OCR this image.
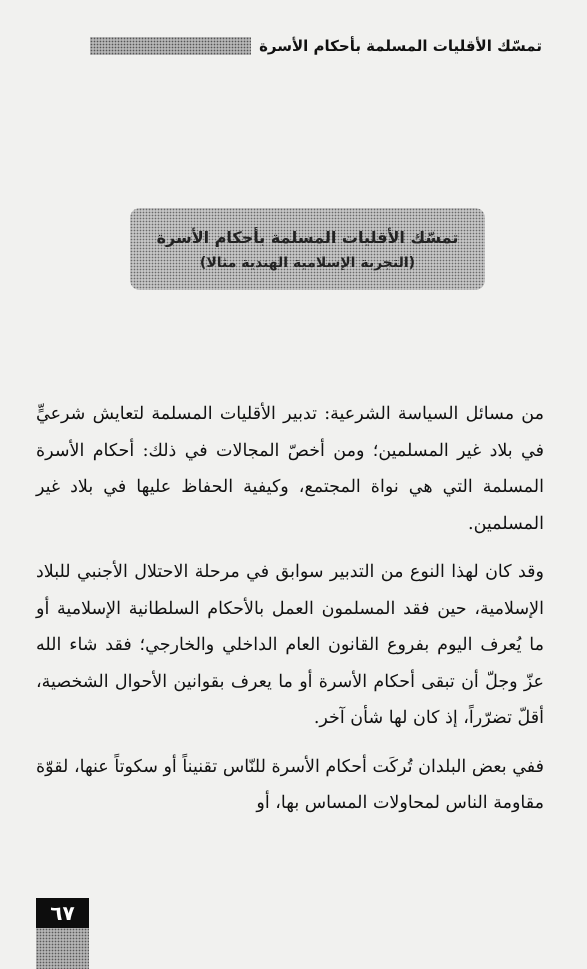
تمسّك الأقليات المسلمة بأحكام الأسرة
تمسّك الأقليات المسلمة بأحكام الأسرة
(التجربة الإسلامية الهندية مثالا)

من مسائل السياسة الشرعية: تدبير الأقليات المسلمة لتعايش شرعيٍّ في بلاد غير المسلمين؛ ومن أخصّ المجالات في ذلك: أحكام الأسرة المسلمة التي هي نواة المجتمع، وكيفية الحفاظ عليها في بلاد غير المسلمين.

وقد كان لهذا النوع من التدبير سوابق في مرحلة الاحتلال الأجنبي للبلاد الإسلامية، حين فقد المسلمون العمل بالأحكام السلطانية الإسلامية أو ما يُعرف اليوم بفروع القانون العام الداخلي والخارجي؛ فقد شاء الله عزّ وجلّ أن تبقى أحكام الأسرة أو ما يعرف بقوانين الأحوال الشخصية، أقلّ تضرّراً، إذ كان لها شأن آخر.

ففي بعض البلدان تُركَت أحكام الأسرة للنّاس تقنيناً أو سكوتاً عنها، لقوّة مقاومة الناس لمحاولات المساس بها، أو

٦٧
